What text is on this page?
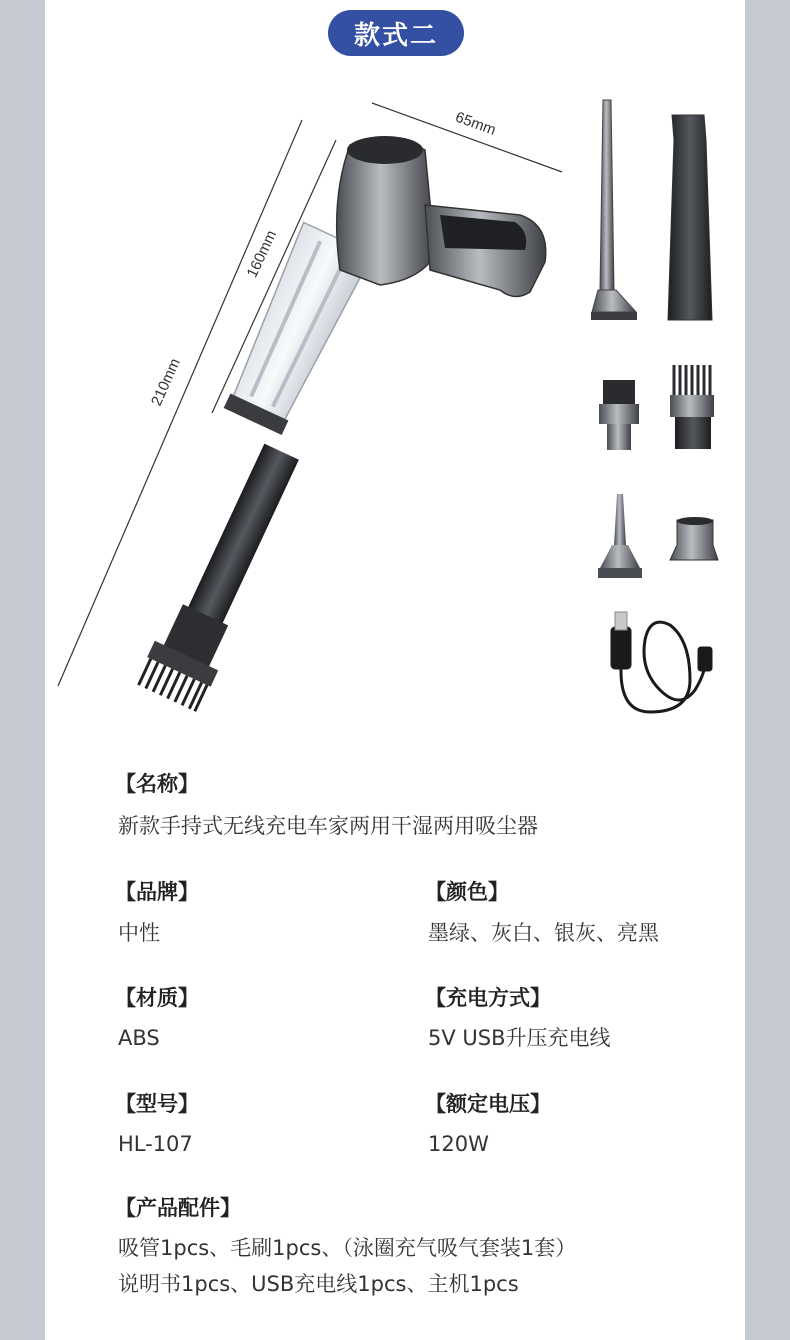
款式二
65mm
160mm
210mm
【名称】
新款手持式无线充电车家两用干湿两用吸尘器
【品牌】
中性
【颜色】
墨绿、灰白、银灰、亮黑
【材质】
ABS
【充电方式】
5V USB升压充电线
【型号】
HL-107
【额定电压】
120W
【产品配件】
吸管1pcs、毛刷1pcs、（泳圈充气吸气套装1套）
说明书1pcs、USB充电线1pcs、主机1pcs
